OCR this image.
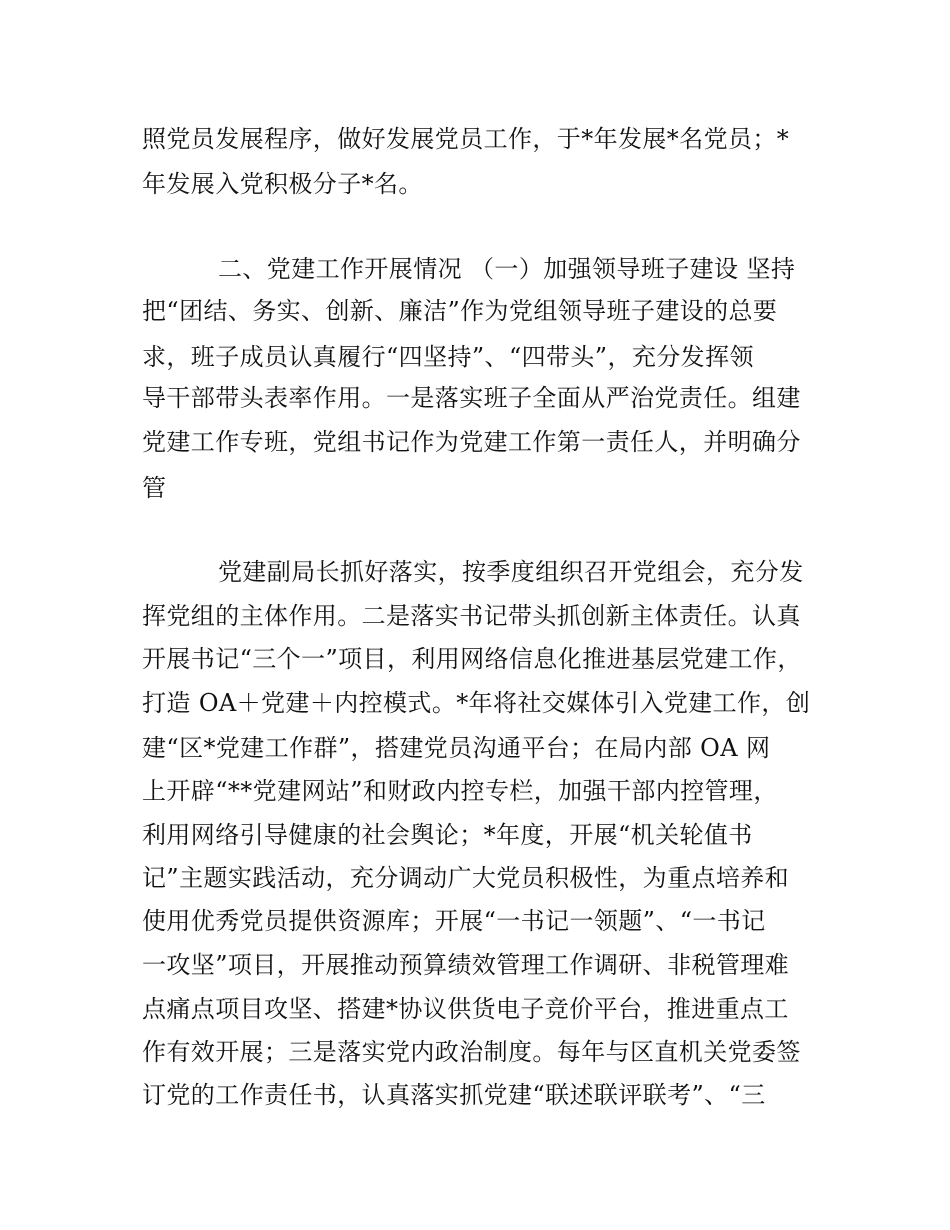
照党员发展程序，做好发展党员工作，于*年发展*名党员；*
年发展入党积极分子*名。
二、党建工作开展情况 （一）加强领导班子建设 坚持
把“团结、务实、创新、廉洁”作为党组领导班子建设的总要
求，班子成员认真履行“四坚持”、“四带头”，充分发挥领
导干部带头表率作用。一是落实班子全面从严治党责任。组建
党建工作专班，党组书记作为党建工作第一责任人，并明确分
管
党建副局长抓好落实，按季度组织召开党组会，充分发
挥党组的主体作用。二是落实书记带头抓创新主体责任。认真
开展书记“三个一”项目，利用网络信息化推进基层党建工作，
打造 OA＋党建＋内控模式。*年将社交媒体引入党建工作，创
建“区*党建工作群”，搭建党员沟通平台；在局内部 OA 网
上开辟“**党建网站”和财政内控专栏，加强干部内控管理，
利用网络引导健康的社会舆论；*年度，开展“机关轮值书
记”主题实践活动，充分调动广大党员积极性，为重点培养和
使用优秀党员提供资源库；开展“一书记一领题”、“一书记
一攻坚”项目，开展推动预算绩效管理工作调研、非税管理难
点痛点项目攻坚、搭建*协议供货电子竞价平台，推进重点工
作有效开展；三是落实党内政治制度。每年与区直机关党委签
订党的工作责任书，认真落实抓党建“联述联评联考”、“三
